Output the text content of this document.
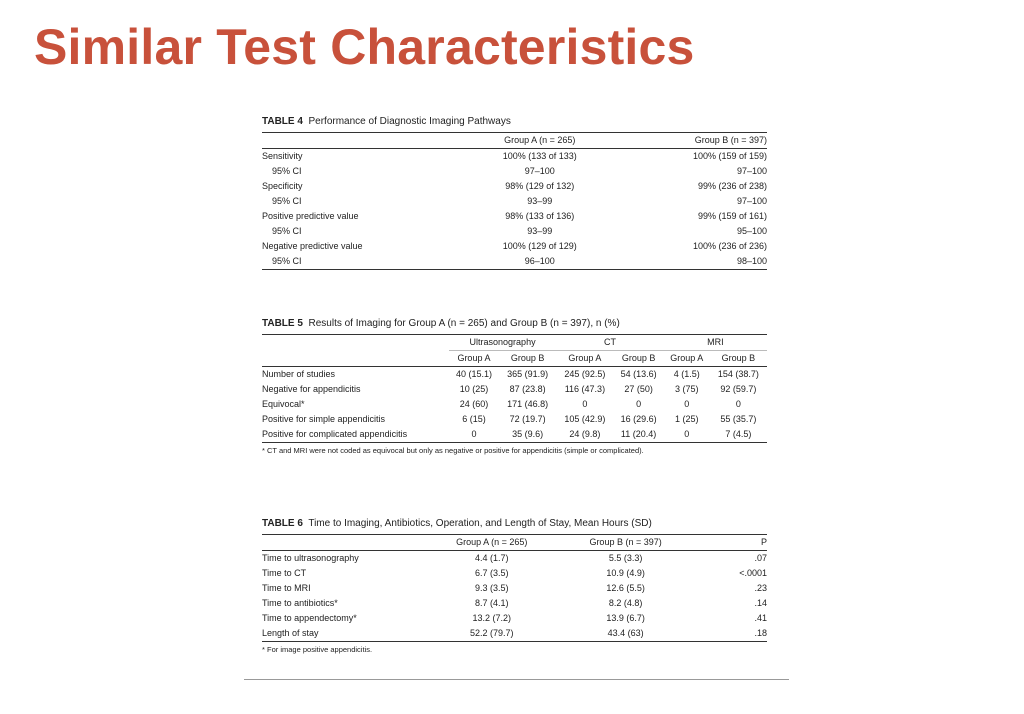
Similar Test Characteristics
TABLE 4 Performance of Diagnostic Imaging Pathways
	Group A (n = 265)	Group B (n = 397)
Sensitivity	100% (133 of 133)	100% (159 of 159)
95% CI	97–100	97–100
Specificity	98% (129 of 132)	99% (236 of 238)
95% CI	93–99	97–100
Positive predictive value	98% (133 of 136)	99% (159 of 161)
95% CI	93–99	95–100
Negative predictive value	100% (129 of 129)	100% (236 of 236)
95% CI	96–100	98–100
TABLE 5 Results of Imaging for Group A (n = 265) and Group B (n = 397), n (%)
	Ultrasonography		CT		MRI	
	Group A	Group B	Group A	Group B	Group A	Group B
Number of studies	40 (15.1)	365 (91.9)	245 (92.5)	54 (13.6)	4 (1.5)	154 (38.7)
Negative for appendicitis	10 (25)	87 (23.8)	116 (47.3)	27 (50)	3 (75)	92 (59.7)
Equivocal*	24 (60)	171 (46.8)	0	0	0	0
Positive for simple appendicitis	6 (15)	72 (19.7)	105 (42.9)	16 (29.6)	1 (25)	55 (35.7)
Positive for complicated appendicitis	0	35 (9.6)	24 (9.8)	11 (20.4)	0	7 (4.5)
* CT and MRI were not coded as equivocal but only as negative or positive for appendicitis (simple or complicated).
TABLE 6 Time to Imaging, Antibiotics, Operation, and Length of Stay, Mean Hours (SD)
	Group A (n = 265)	Group B (n = 397)	P
Time to ultrasonography	4.4 (1.7)	5.5 (3.3)	.07
Time to CT	6.7 (3.5)	10.9 (4.9)	<.0001
Time to MRI	9.3 (3.5)	12.6 (5.5)	.23
Time to antibiotics*	8.7 (4.1)	8.2 (4.8)	.14
Time to appendectomy*	13.2 (7.2)	13.9 (6.7)	.41
Length of stay	52.2 (79.7)	43.4 (63)	.18
* For image positive appendicitis.
